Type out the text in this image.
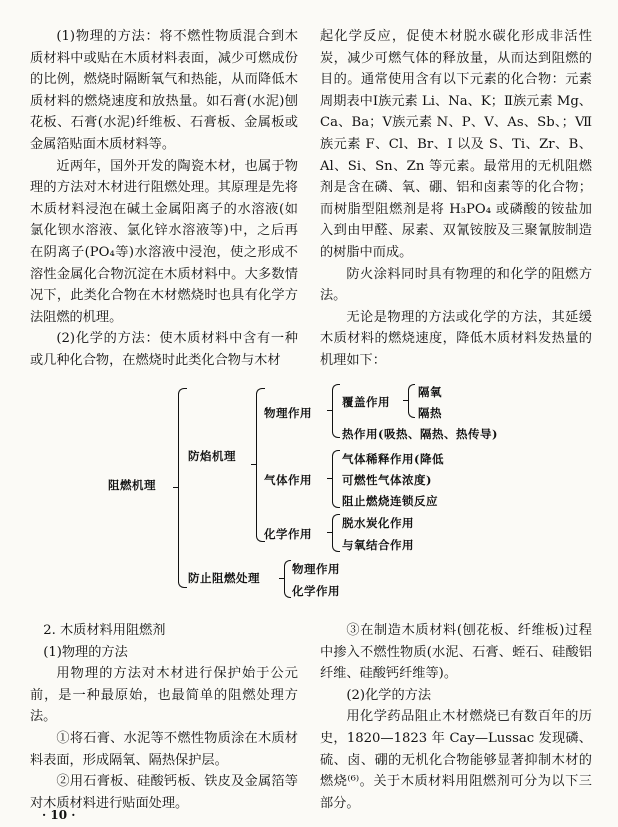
(1)物理的方法：将不燃性物质混合到木质材料中或贴在木质材料表面，减少可燃成份的比例，燃烧时隔断氧气和热能，从而降低木质材料的燃烧速度和放热量。如石膏(水泥)刨花板、石膏(水泥)纤维板、石膏板、金属板或金属箔贴面木质材料等。

近两年，国外开发的陶瓷木材，也属于物理的方法对木材进行阻燃处理。其原理是先将木质材料浸泡在碱土金属阳离子的水溶液(如氯化钡水溶液、氯化锌水溶液等)中，之后再在阴离子(PO₄等)水溶液中浸泡，使之形成不溶性金属化合物沉淀在木质材料中。大多数情况下，此类化合物在木材燃烧时也具有化学方法阻燃的机理。

(2)化学的方法：使木质材料中含有一种或几种化合物，在燃烧时此类化合物与木材

起化学反应，促使木材脱水碳化形成非活性炭，减少可燃气体的释放量，从而达到阻燃的目的。通常使用含有以下元素的化合物：元素周期表中Ⅰ族元素 Li、Na、K；Ⅱ族元素 Mg、Ca、Ba；Ⅴ族元素 N、P、V、As、Sb、；Ⅶ族元素 F、Cl、Br、I 以及 S、Ti、Zr、B、Al、Si、Sn、Zn 等元素。最常用的无机阻燃剂是含在磷、氧、硼、铝和卤素等的化合物；而树脂型阻燃剂是将 H₃PO₄ 或磷酸的铵盐加入到由甲醛、尿素、双氰铵胺及三聚氰胺制造的树脂中而成。

防火涂料同时具有物理的和化学的阻燃方法。

无论是物理的方法或化学的方法，其延缓木质材料的燃烧速度，降低木质材料发热量的机理如下：

阻燃机理
防焰机理
物理作用
覆盖作用
隔氧
隔热
热作用(吸热、隔热、热传导)
气体作用
气体稀释作用(降低
可燃性气体浓度)
阻止燃烧连锁反应
化学作用
脱水炭化作用
与氧结合作用
防止阻燃处理
物理作用
化学作用

2. 木质材料用阻燃剂

(1)物理的方法

用物理的方法对木材进行保护始于公元前，是一种最原始，也最简单的阻燃处理方法。

①将石膏、水泥等不燃性物质涂在木质材料表面，形成隔氧、隔热保护层。

②用石膏板、硅酸钙板、铁皮及金属箔等对木质材料进行贴面处理。

③在制造木质材料(刨花板、纤维板)过程中掺入不燃性物质(水泥、石膏、蛭石、硅酸铝纤维、硅酸钙纤维等)。

(2)化学的方法

用化学药品阻止木材燃烧已有数百年的历史，1820—1823 年 Cay—Lussac 发现磷、硫、卤、硼的无机化合物能够显著抑制木材的燃烧⁽⁶⁾。关于木质材料用阻燃剂可分为以下三部分。

· 10 ·
